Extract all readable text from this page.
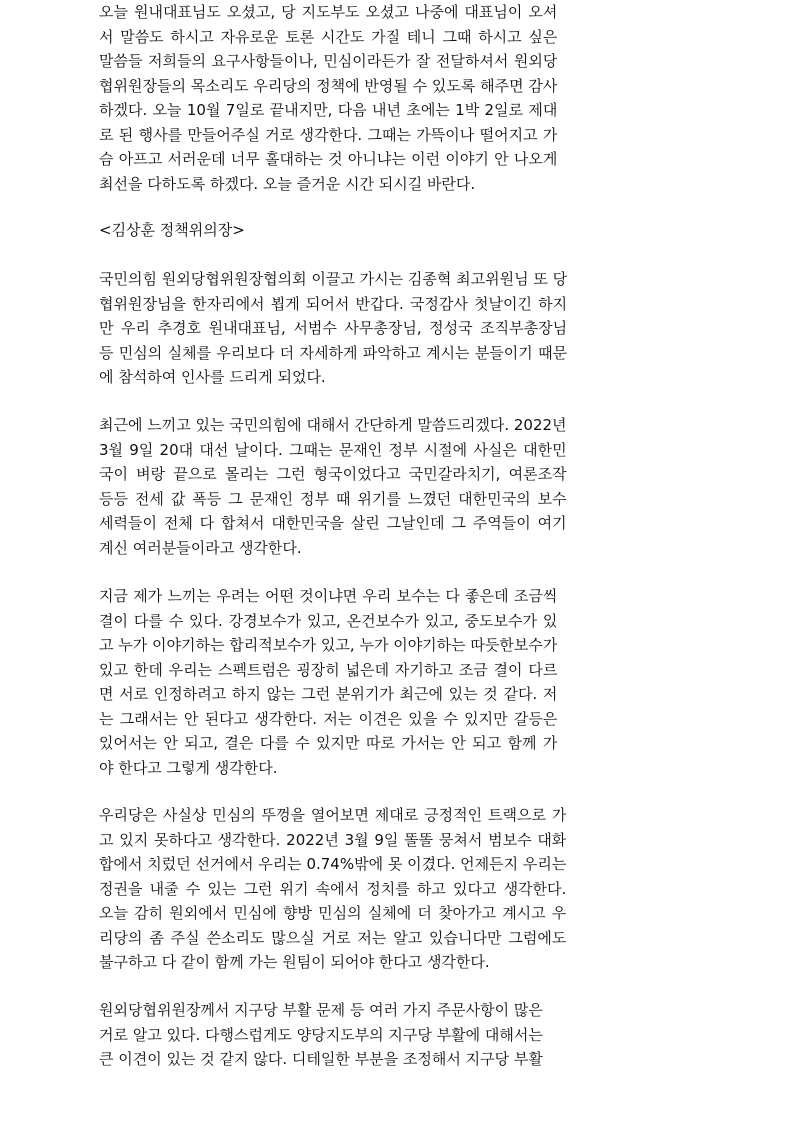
오늘 원내대표님도 오셨고, 당 지도부도 오셨고 나중에 대표님이 오셔
서 말씀도 하시고 자유로운 토론 시간도 가질 테니 그때 하시고 싶은
말씀들 저희들의 요구사항들이나, 민심이라든가 잘 전달하셔서 원외당
협위원장들의 목소리도 우리당의 정책에 반영될 수 있도록 해주면 감사
하겠다. 오늘 10월 7일로 끝내지만, 다음 내년 초에는 1박 2일로 제대
로 된 행사를 만들어주실 거로 생각한다. 그때는 가뜩이나 떨어지고 가
슴 아프고 서러운데 너무 홀대하는 것 아니냐는 이런 이야기 안 나오게
최선을 다하도록 하겠다. 오늘 즐거운 시간 되시길 바란다.
<김상훈 정책위의장>
국민의힘 원외당협위원장협의회 이끌고 가시는 김종혁 최고위원님 또 당
협위원장님을 한자리에서 뵙게 되어서 반갑다. 국정감사 첫날이긴 하지
만 우리 추경호 원내대표님, 서범수 사무총장님, 정성국 조직부총장님
등 민심의 실체를 우리보다 더 자세하게 파악하고 계시는 분들이기 때문
에 참석하여 인사를 드리게 되었다.
최근에 느끼고 있는 국민의힘에 대해서 간단하게 말씀드리겠다. 2022년
3월 9일 20대 대선 날이다. 그때는 문재인 정부 시절에 사실은 대한민
국이 벼랑 끝으로 몰리는 그런 형국이었다고 국민갈라치기, 여론조작
등등 전세 값 폭등 그 문재인 정부 때 위기를 느꼈던 대한민국의 보수
세력들이 전체 다 합쳐서 대한민국을 살린 그날인데 그 주역들이 여기
계신 여러분들이라고 생각한다.
지금 제가 느끼는 우려는 어떤 것이냐면 우리 보수는 다 좋은데 조금씩
결이 다를 수 있다. 강경보수가 있고, 온건보수가 있고, 중도보수가 있
고 누가 이야기하는 합리적보수가 있고, 누가 이야기하는 따듯한보수가
있고 한데 우리는 스펙트럼은 굉장히 넓은데 자기하고 조금 결이 다르
면 서로 인정하려고 하지 않는 그런 분위기가 최근에 있는 것 같다. 저
는 그래서는 안 된다고 생각한다. 저는 이견은 있을 수 있지만 갈등은
있어서는 안 되고, 결은 다를 수 있지만 따로 가서는 안 되고 함께 가
야 한다고 그렇게 생각한다.
우리당은 사실상 민심의 뚜껑을 열어보면 제대로 긍정적인 트랙으로 가
고 있지 못하다고 생각한다. 2022년 3월 9일 똘똘 뭉쳐서 범보수 대화
합에서 치렀던 선거에서 우리는 0.74%밖에 못 이겼다. 언제든지 우리는
정권을 내줄 수 있는 그런 위기 속에서 정치를 하고 있다고 생각한다.
오늘 감히 원외에서 민심에 향방 민심의 실체에 더 찾아가고 계시고 우
리당의 좀 주실 쓴소리도 많으실 거로 저는 알고 있습니다만 그럼에도
불구하고 다 같이 함께 가는 원팀이 되어야 한다고 생각한다.
원외당협위원장께서 지구당 부활 문제 등 여러 가지 주문사항이 많은
거로 알고 있다. 다행스럽게도 양당지도부의 지구당 부활에 대해서는
큰 이견이 있는 것 같지 않다. 디테일한 부분을 조정해서 지구당 부활
